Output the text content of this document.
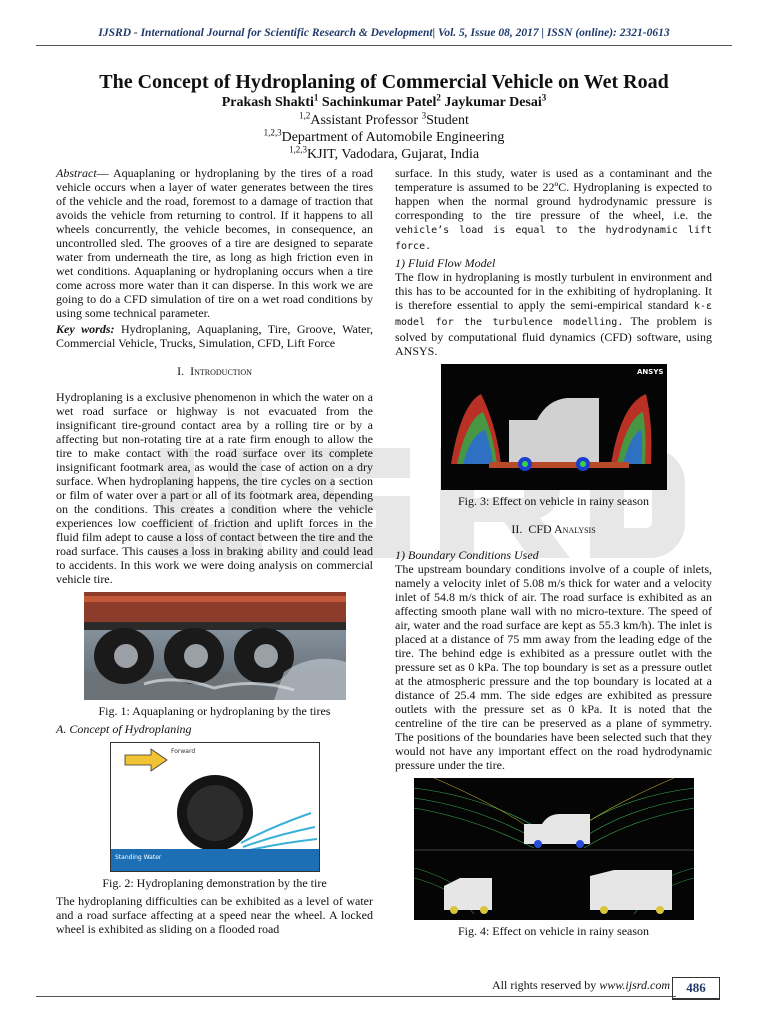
IJSRD - International Journal for Scientific Research & Development| Vol. 5, Issue 08, 2017 | ISSN (online): 2321-0613
The Concept of Hydroplaning of Commercial Vehicle on Wet Road
Prakash Shakti$^1$ Sachinkumar Patel$^2$ Jaykumar Desai$^3$
$^{1,2}$Assistant Professor $^3$Student
$^{1,2,3}$Department of Automobile Engineering
$^{1,2,3}$KJIT, Vadodara, Gujarat, India

Abstract— Aquaplaning or hydroplaning by the tires of a road vehicle occurs when a layer of water generates between the tires of the vehicle and the road, foremost to a damage of traction that avoids the vehicle from returning to control. If it happens to all wheels concurrently, the vehicle becomes, in consequence, an uncontrolled sled. The grooves of a tire are designed to separate water from underneath the tire, as long as high friction even in wet conditions. Aquaplaning or hydroplaning occurs when a tire come across more water than it can disperse. In this work we are going to do a CFD simulation of tire on a wet road conditions by using some technical parameter.

Key words: Hydroplaning, Aquaplaning, Tire, Groove, Water, Commercial Vehicle, Trucks, Simulation, CFD, Lift Force

I. Introduction

Hydroplaning is a exclusive phenomenon in which the water on a wet road surface or highway is not evacuated from the insignificant tire-ground contact area by a rolling tire or by a affecting but non-rotating tire at a rate firm enough to allow the tire to make contact with the road surface over its complete insignificant footmark area, as would the case of action on a dry surface. When hydroplaning happens, the tire cycles on a section or film of water over a part or all of its footmark area, depending on the conditions. This creates a condition where the vehicle experiences low coefficient of friction and uplift forces in the fluid film adept to cause a loss of contact between the tire and the road surface. This causes a loss in braking ability and could lead to accidents. In this work we were doing analysis on commercial vehicle tire.

Fig. 1: Aquaplaning or hydroplaning by the tires
A. Concept of Hydroplaning
Forward
Standing Water
Fig. 2: Hydroplaning demonstration by the tire

The hydroplaning difficulties can be exhibited as a level of water and a road surface affecting at a speed near the wheel. A locked wheel is exhibited as sliding on a flooded road

surface. In this study, water is used as a contaminant and the temperature is assumed to be 22ºC. Hydroplaning is expected to happen when the normal ground hydrodynamic pressure is corresponding to the tire pressure of the wheel, i.e. the vehicle’s load is equal to the hydrodynamic lift force.

1) Fluid Flow Model

The flow in hydroplaning is mostly turbulent in environment and this has to be accounted for in the exhibiting of hydroplaning. It is therefore essential to apply the semi-empirical standard k-ε model for the turbulence modelling. The problem is solved by computational fluid dynamics (CFD) software, using ANSYS.

ANSYS
Fig. 3: Effect on vehicle in rainy season
II. CFD Analysis
1) Boundary Conditions Used

The upstream boundary conditions involve of a couple of inlets, namely a velocity inlet of 5.08 m/s thick for water and a velocity inlet of 54.8 m/s thick of air. The road surface is exhibited as an affecting smooth plane wall with no micro-texture. The speed of air, water and the road surface are kept as 55.3 km/h). The inlet is placed at a distance of 75 mm away from the leading edge of the tire. The behind edge is exhibited as a pressure outlet with the pressure set as 0 kPa. The top boundary is set as a pressure outlet at the atmospheric pressure and the top boundary is located at a distance of 25.4 mm. The side edges are exhibited as pressure outlets with the pressure set as 0 kPa. It is noted that the centreline of the tire can be preserved as a plane of symmetry. The positions of the boundaries have been selected such that they would not have any important effect on the road hydrodynamic pressure under the tire.

Fig. 4: Effect on vehicle in rainy season
All rights reserved by www.ijsrd.com	486
